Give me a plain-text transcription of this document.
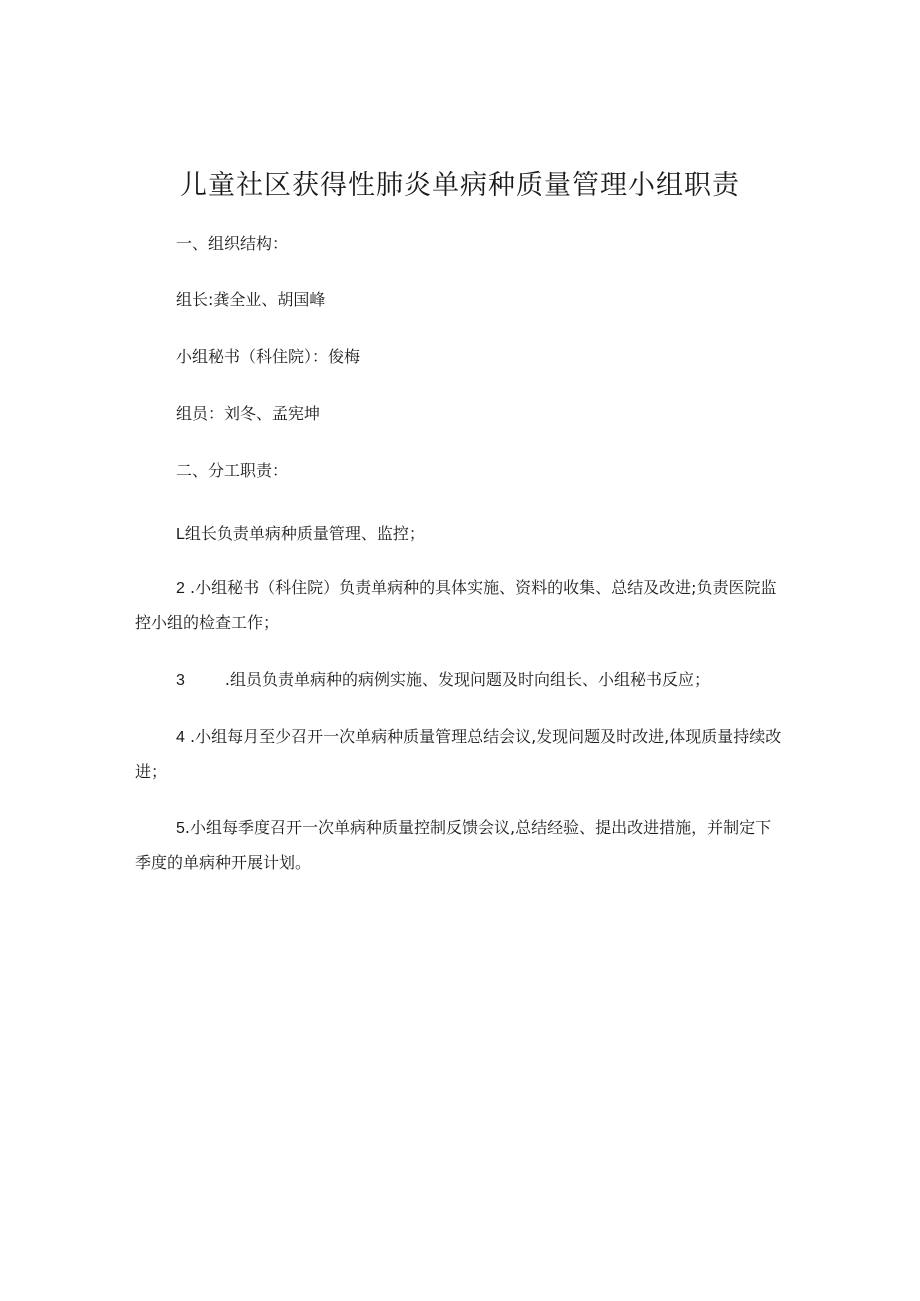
儿童社区获得性肺炎单病种质量管理小组职责
一、组织结构：
组长:龚全业、胡国峰
小组秘书（科住院）：俊梅
组员：刘冬、孟宪坤
二、分工职责：
L组长负责单病种质量管理、监控；
2 .小组秘书（科住院）负责单病种的具体实施、资料的收集、总结及改进;负责医院监控小组的检查工作；
3	.组员负责单病种的病例实施、发现问题及时向组长、小组秘书反应；
4 .小组每月至少召开一次单病种质量管理总结会议,发现问题及时改进,体现质量持续改进；
5.小组每季度召开一次单病种质量控制反馈会议,总结经验、提出改进措施，并制定下季度的单病种开展计划。
